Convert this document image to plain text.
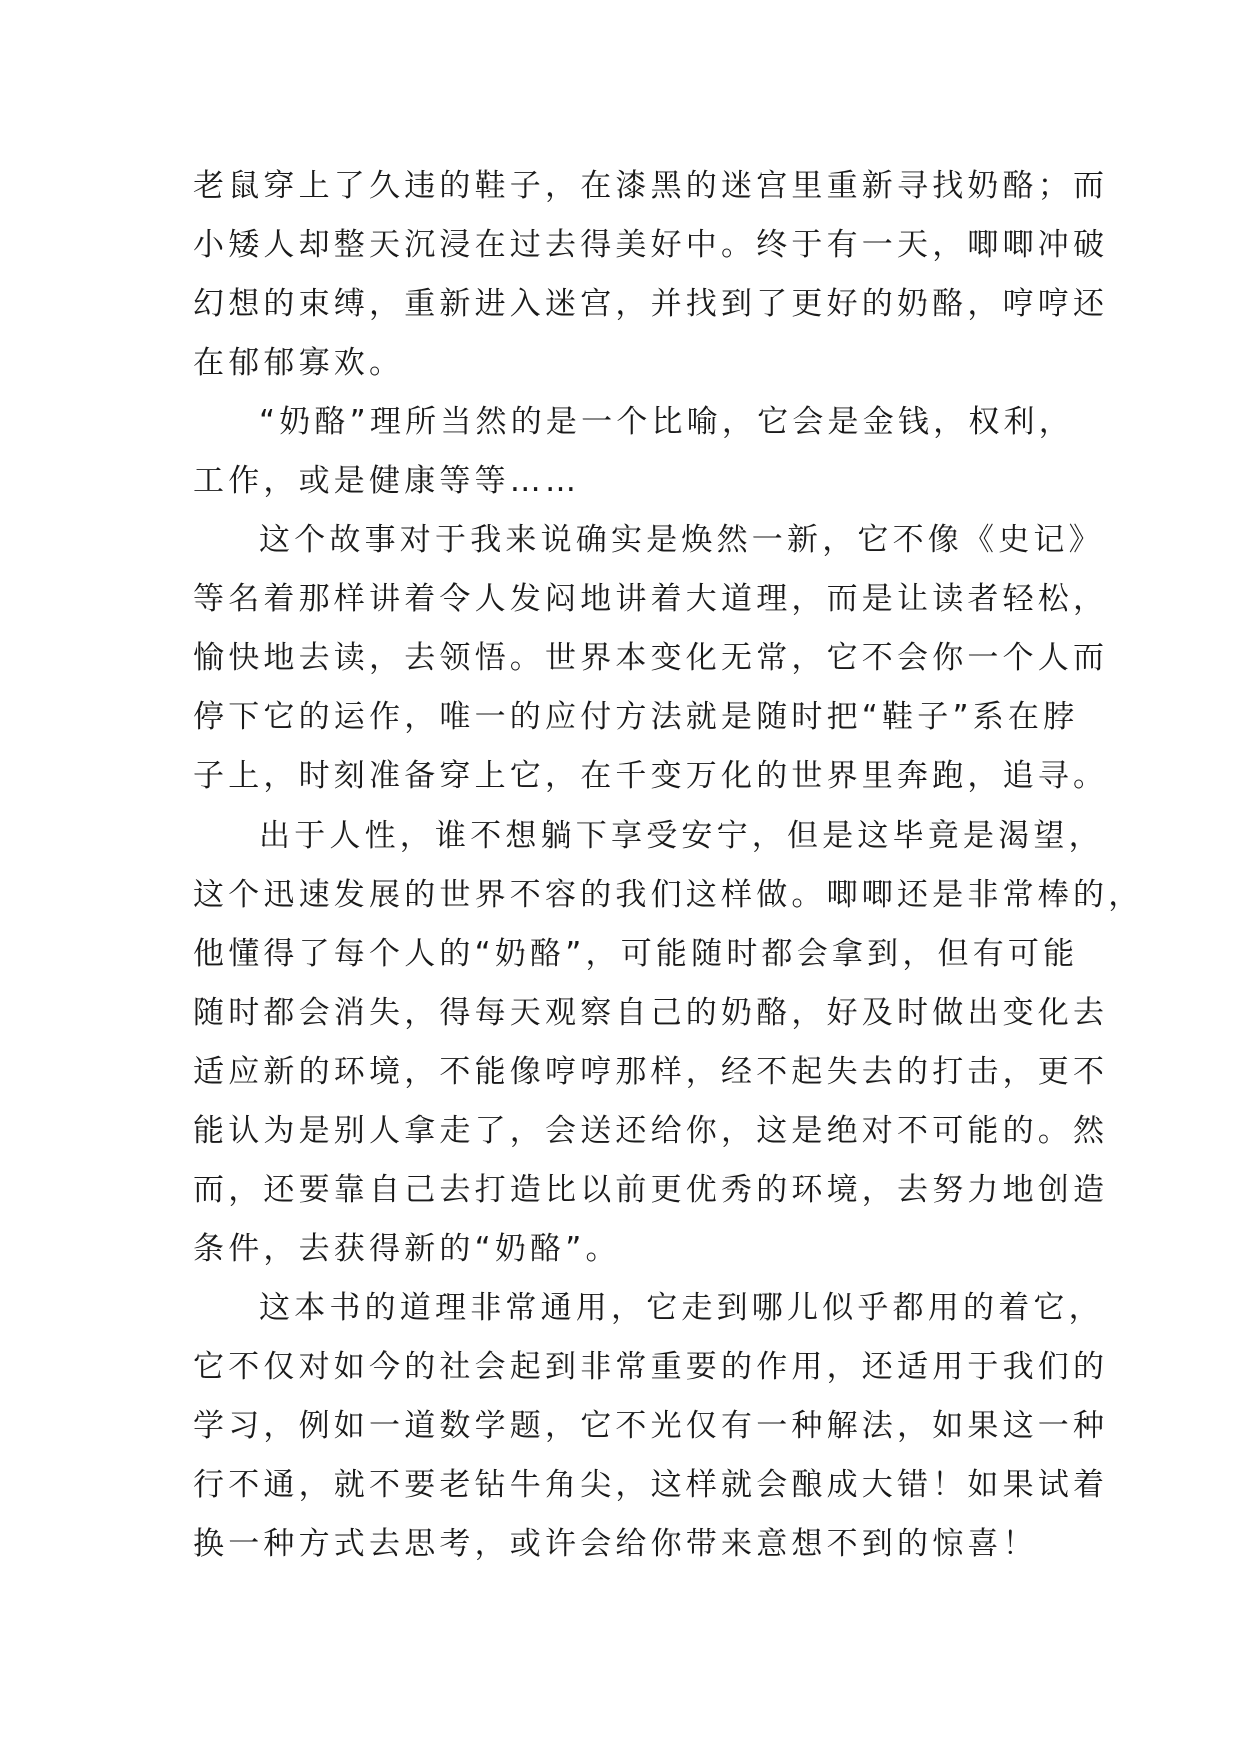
老鼠穿上了久违的鞋子，在漆黑的迷宫里重新寻找奶酪；而
小矮人却整天沉浸在过去得美好中。终于有一天，唧唧冲破
幻想的束缚，重新进入迷宫，并找到了更好的奶酪，哼哼还
在郁郁寡欢。
“奶酪”理所当然的是一个比喻，它会是金钱，权利，
工作，或是健康等等……
这个故事对于我来说确实是焕然一新，它不像《史记》
等名着那样讲着令人发闷地讲着大道理，而是让读者轻松，
愉快地去读，去领悟。世界本变化无常，它不会你一个人而
停下它的运作，唯一的应付方法就是随时把“鞋子”系在脖
子上，时刻准备穿上它，在千变万化的世界里奔跑，追寻。
出于人性，谁不想躺下享受安宁，但是这毕竟是渴望，
这个迅速发展的世界不容的我们这样做。唧唧还是非常棒的，
他懂得了每个人的“奶酪”，可能随时都会拿到，但有可能
随时都会消失，得每天观察自己的奶酪，好及时做出变化去
适应新的环境，不能像哼哼那样，经不起失去的打击，更不
能认为是别人拿走了，会送还给你，这是绝对不可能的。然
而，还要靠自己去打造比以前更优秀的环境，去努力地创造
条件，去获得新的“奶酪”。
这本书的道理非常通用，它走到哪儿似乎都用的着它，
它不仅对如今的社会起到非常重要的作用，还适用于我们的
学习，例如一道数学题，它不光仅有一种解法，如果这一种
行不通，就不要老钻牛角尖，这样就会酿成大错！如果试着
换一种方式去思考，或许会给你带来意想不到的惊喜！
